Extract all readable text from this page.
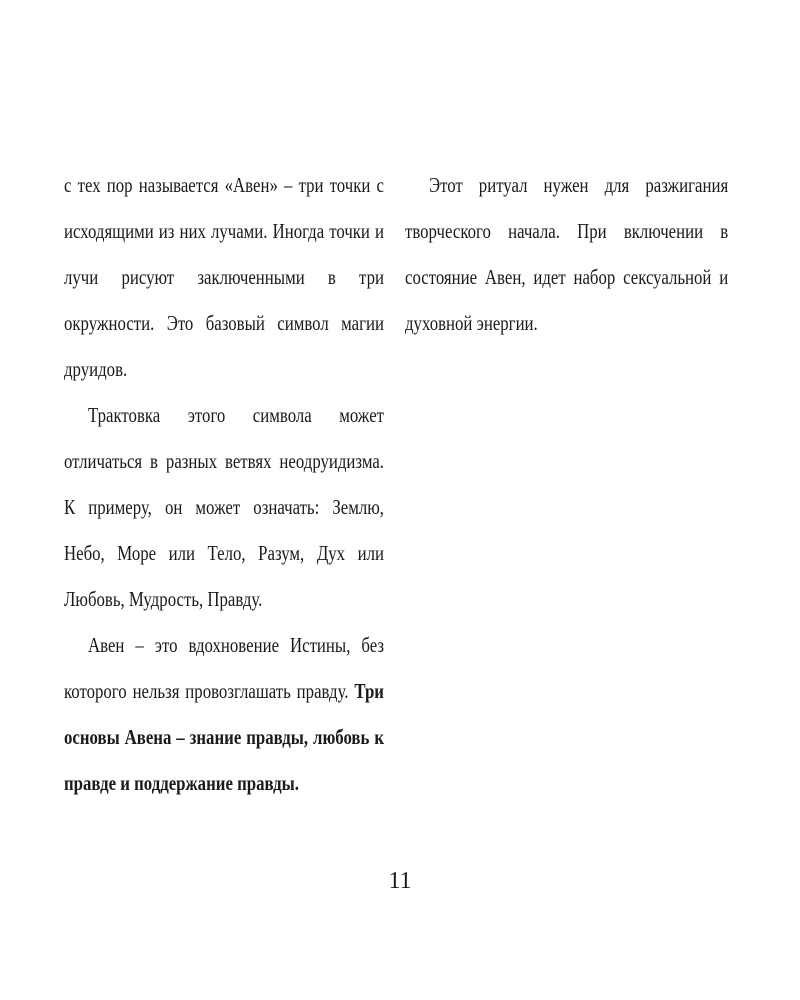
с тех пор называется «Авен» – три точки с исходящими из них лучами. Иногда точки и лучи рисуют заключенными в три окружности. Это базовый символ магии друидов.

Трактовка этого символа может отличаться в разных ветвях неодруидизма. К примеру, он может означать: Землю, Небо, Море или Тело, Разум, Дух или Любовь, Мудрость, Правду.

Авен – это вдохновение Истины, без которого нельзя провозглашать правду. Три основы Авена – знание правды, любовь к правде и поддержание правды.

Этот ритуал нужен для разжигания творческого начала. При включении в состояние Авен, идет набор сексуальной и духовной энергии.

11
